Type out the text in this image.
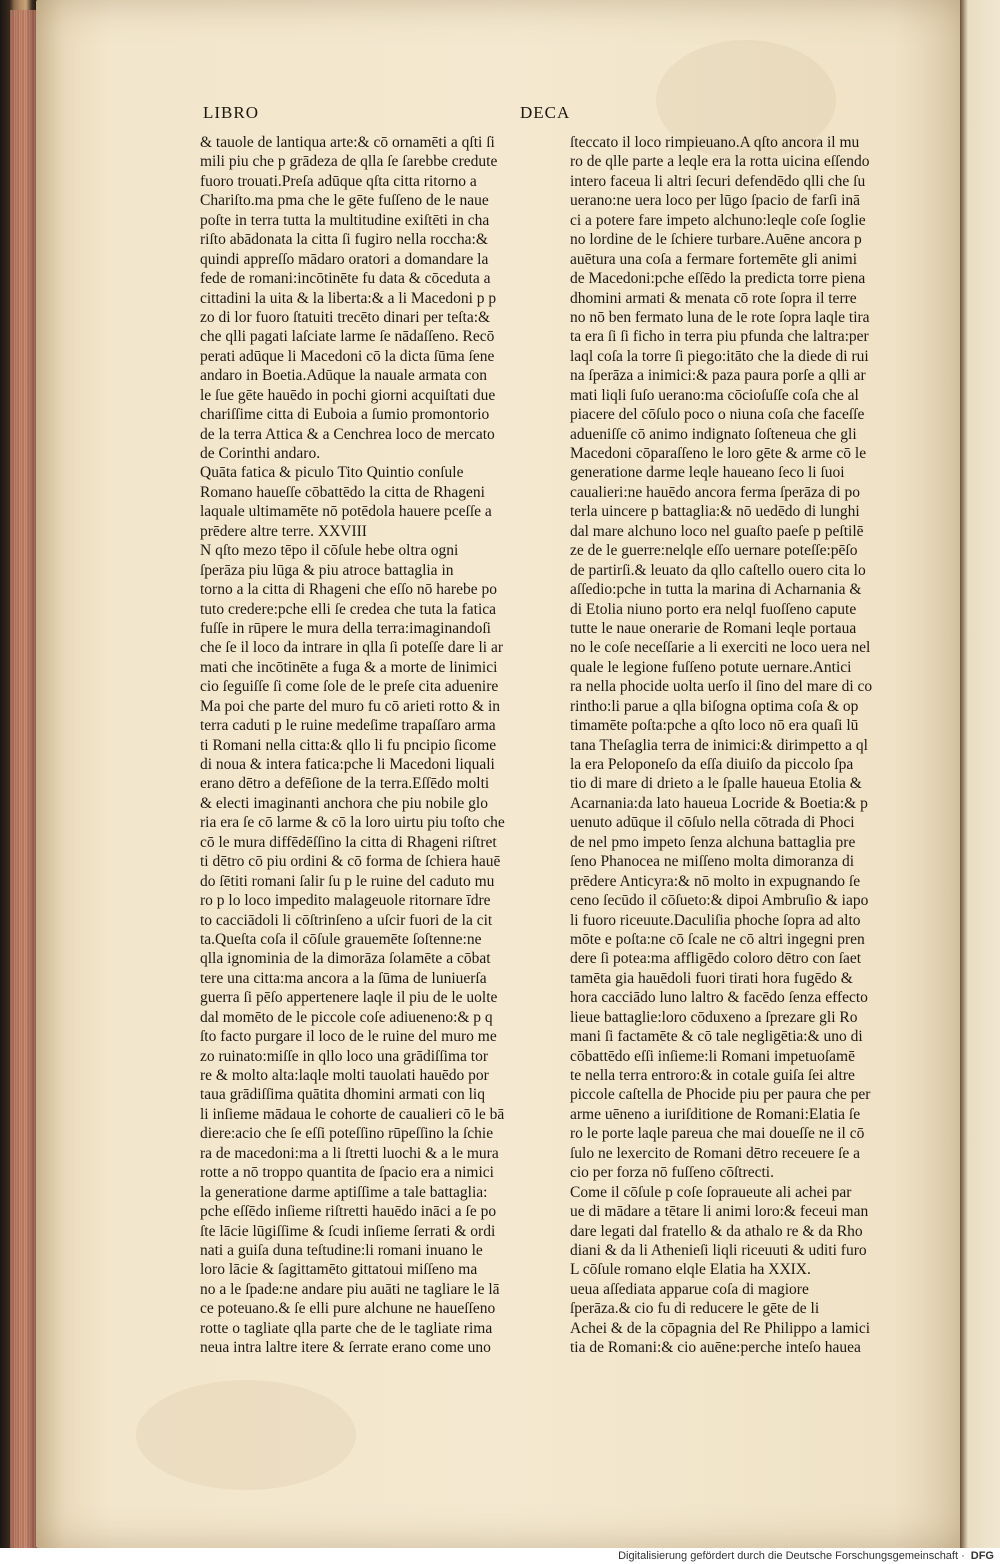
LIBRO	DECA
& tauole de lantiqua arte:& cō ornamēti a qſti ſi
mili piu che p grādeza de qlla ſe ſarebbe credute
fuoro trouati.Preſa adūque qſta citta ritorno a
Chariſto.ma pma che le gēte fuſſeno de le naue
poſte in terra tutta la multitudine exiſtēti in cha
riſto abādonata la citta ſi fugiro nella roccha:&
quindi appreſſo mādaro oratori a domandare la
fede de romani:incōtinēte fu data & cōceduta a
cittadini la uita & la liberta:& a li Macedoni p p
zo di lor fuoro ſtatuiti trecēto dinari per teſta:&
che qlli pagati laſciate larme ſe nādaſſeno. Recō
perati adūque li Macedoni cō la dicta ſūma ſene
andaro in Boetia.Adūque la nauale armata con
le ſue gēte hauēdo in pochi giorni acquiſtati due
chariſſime citta di Euboia a ſumio promontorio
de la terra Attica & a Cenchrea loco de mercato
de Corinthi andaro.
Quāta fatica & piculo Tito Quintio conſule
Romano haueſſe cōbattēdo la citta de Rhageni
laquale ultimamēte nō potēdola hauere pceſſe a
prēdere altre terre. XXVIII
N qſto mezo tēpo il cōſule hebe oltra ogni
ſperāza piu lūga & piu atroce battaglia in
torno a la citta di Rhageni che eſſo nō harebe po
tuto credere:pche elli ſe credea che tuta la fatica
fuſſe in rūpere le mura della terra:imaginandoſi
che ſe il loco da intrare in qlla ſi poteſſe dare li ar
mati che incōtinēte a fuga & a morte de linimici
cio ſeguiſſe ſi come ſole de le preſe cita aduenire
Ma poi che parte del muro fu cō arieti rotto & in
terra caduti p le ruine medeſime trapaſſaro arma
ti Romani nella citta:& qllo li fu pncipio ſicome
di noua & intera fatica:pche li Macedoni liquali
erano dētro a defēſione de la terra.Eſſēdo molti
& electi imaginanti anchora che piu nobile glo
ria era ſe cō larme & cō la loro uirtu piu toſto che
cō le mura diffēdēſſino la citta di Rhageni riſtret
ti dētro cō piu ordini & cō forma de ſchiera hauē
do ſētiti romani ſalir ſu p le ruine del caduto mu
ro p lo loco impedito malageuole ritornare īdre
to cacciādoli li cōſtrinſeno a uſcir fuori de la cit
ta.Queſta coſa il cōſule grauemēte ſoſtenne:ne
qlla ignominia de la dimorāza ſolamēte a cōbat
tere una citta:ma ancora a la ſūma de luniuerſa
guerra ſi pēſo appertenere laqle il piu de le uolte
dal momēto de le piccole coſe adiueneno:& p q
ſto facto purgare il loco de le ruine del muro me
zo ruinato:miſſe in qllo loco una grādiſſima tor
re & molto alta:laqle molti tauolati hauēdo por
taua grādiſſima quātita dhomini armati con liq
li inſieme mādaua le cohorte de caualieri cō le bā
diere:acio che ſe eſſi poteſſino rūpeſſino la ſchie
ra de macedoni:ma a li ſtretti luochi & a le mura
rotte a nō troppo quantita de ſpacio era a nimici
la generatione darme aptiſſime a tale battaglia:
pche eſſēdo inſieme riſtretti hauēdo ināci a ſe po
ſte lācie lūgiſſime & ſcudi inſieme ſerrati & ordi
nati a guiſa duna teſtudine:li romani inuano le
loro lācie & ſagittamēto gittatoui miſſeno ma
no a le ſpade:ne andare piu auāti ne tagliare le lā
ce poteuano.& ſe elli pure alchune ne haueſſeno
rotte o tagliate qlla parte che de le tagliate rima
neua intra laltre itere & ſerrate erano come uno
ſteccato il loco rimpieuano.A qſto ancora il mu
ro de qlle parte a leqle era la rotta uicina eſſendo
intero faceua li altri ſecuri defendēdo qlli che ſu
uerano:ne uera loco per lūgo ſpacio de farſi inā
ci a potere fare impeto alchuno:leqle coſe ſoglie
no lordine de le ſchiere turbare.Auēne ancora p
auētura una coſa a fermare fortemēte gli animi
de Macedoni:pche eſſēdo la predicta torre piena
dhomini armati & menata cō rote ſopra il terre
no nō ben fermato luna de le rote ſopra laqle tira
ta era ſi ſi ficho in terra piu pfunda che laltra:per
laql coſa la torre ſi piego:itāto che la diede di rui
na ſperāza a inimici:& paza paura porſe a qlli ar
mati liqli ſuſo uerano:ma cōcioſuſſe coſa che al
piacere del cōſulo poco o niuna coſa che faceſſe
adueniſſe cō animo indignato ſoſteneua che gli
Macedoni cōparaſſeno le loro gēte & arme cō le
generatione darme leqle haueano ſeco li ſuoi
caualieri:ne hauēdo ancora ferma ſperāza di po
terla uincere p battaglia:& nō uedēdo di lunghi
dal mare alchuno loco nel guaſto paeſe p peſtilē
ze de le guerre:nelqle eſſo uernare poteſſe:pēſo
de partirſi.& leuato da qllo caſtello ouero cita lo
aſſedio:pche in tutta la marina di Acharnania &
di Etolia niuno porto era nelql fuoſſeno capute
tutte le naue onerarie de Romani leqle portaua
no le coſe neceſſarie a li exerciti ne loco uera nel
quale le legione fuſſeno potute uernare.Antici
ra nella phocide uolta uerſo il ſino del mare di co
rintho:li parue a qlla biſogna optima coſa & op
timamēte poſta:pche a qſto loco nō era quaſi lū
tana Theſaglia terra de inimici:& dirimpetto a ql
la era Peloponeſo da eſſa diuiſo da piccolo ſpa
tio di mare di drieto a le ſpalle haueua Etolia &
Acarnania:da lato haueua Locride & Boetia:& p
uenuto adūque il cōſulo nella cōtrada di Phoci
de nel pmo impeto ſenza alchuna battaglia pre
ſeno Phanocea ne miſſeno molta dimoranza di
prēdere Anticyra:& nō molto in expugnando ſe
ceno ſecūdo il cōſueto:& dipoi Ambruſio & iapo
li fuoro riceuute.Daculiſia phoche ſopra ad alto
mōte e poſta:ne cō ſcale ne cō altri ingegni pren
dere ſi potea:ma affligēdo coloro dētro con ſaet
tamēta gia hauēdoli fuori tirati hora fugēdo &
hora cacciādo luno laltro & facēdo ſenza effecto
lieue battaglie:loro cōduxeno a ſprezare gli Ro
mani ſi factamēte & cō tale negligētia:& uno di
cōbattēdo eſſi inſieme:li Romani impetuoſamē
te nella terra entroro:& in cotale guiſa ſei altre
piccole caſtella de Phocide piu per paura che per
arme uēneno a iuriſditione de Romani:Elatia ſe
ro le porte laqle pareua che mai doueſſe ne il cō
ſulo ne lexercito de Romani dētro receuere ſe a
cio per forza nō fuſſeno cōſtrecti.
Come il cōſule p coſe ſopraueute ali achei par
ue di mādare a tētare li animi loro:& feceui man
dare legati dal fratello & da athalo re & da Rho
diani & da li Athenieſi liqli riceuuti & uditi furo
L cōſule romano elqle Elatia ha XXIX.
ueua aſſediata apparue coſa di magiore
ſperāza.& cio fu di reducere le gēte de li
Achei & de la cōpagnia del Re Philippo a lamici
tia de Romani:& cio auēne:perche inteſo hauea
Digitalisierung gefördert durch die Deutsche Forschungsgemeinschaft · DFG
